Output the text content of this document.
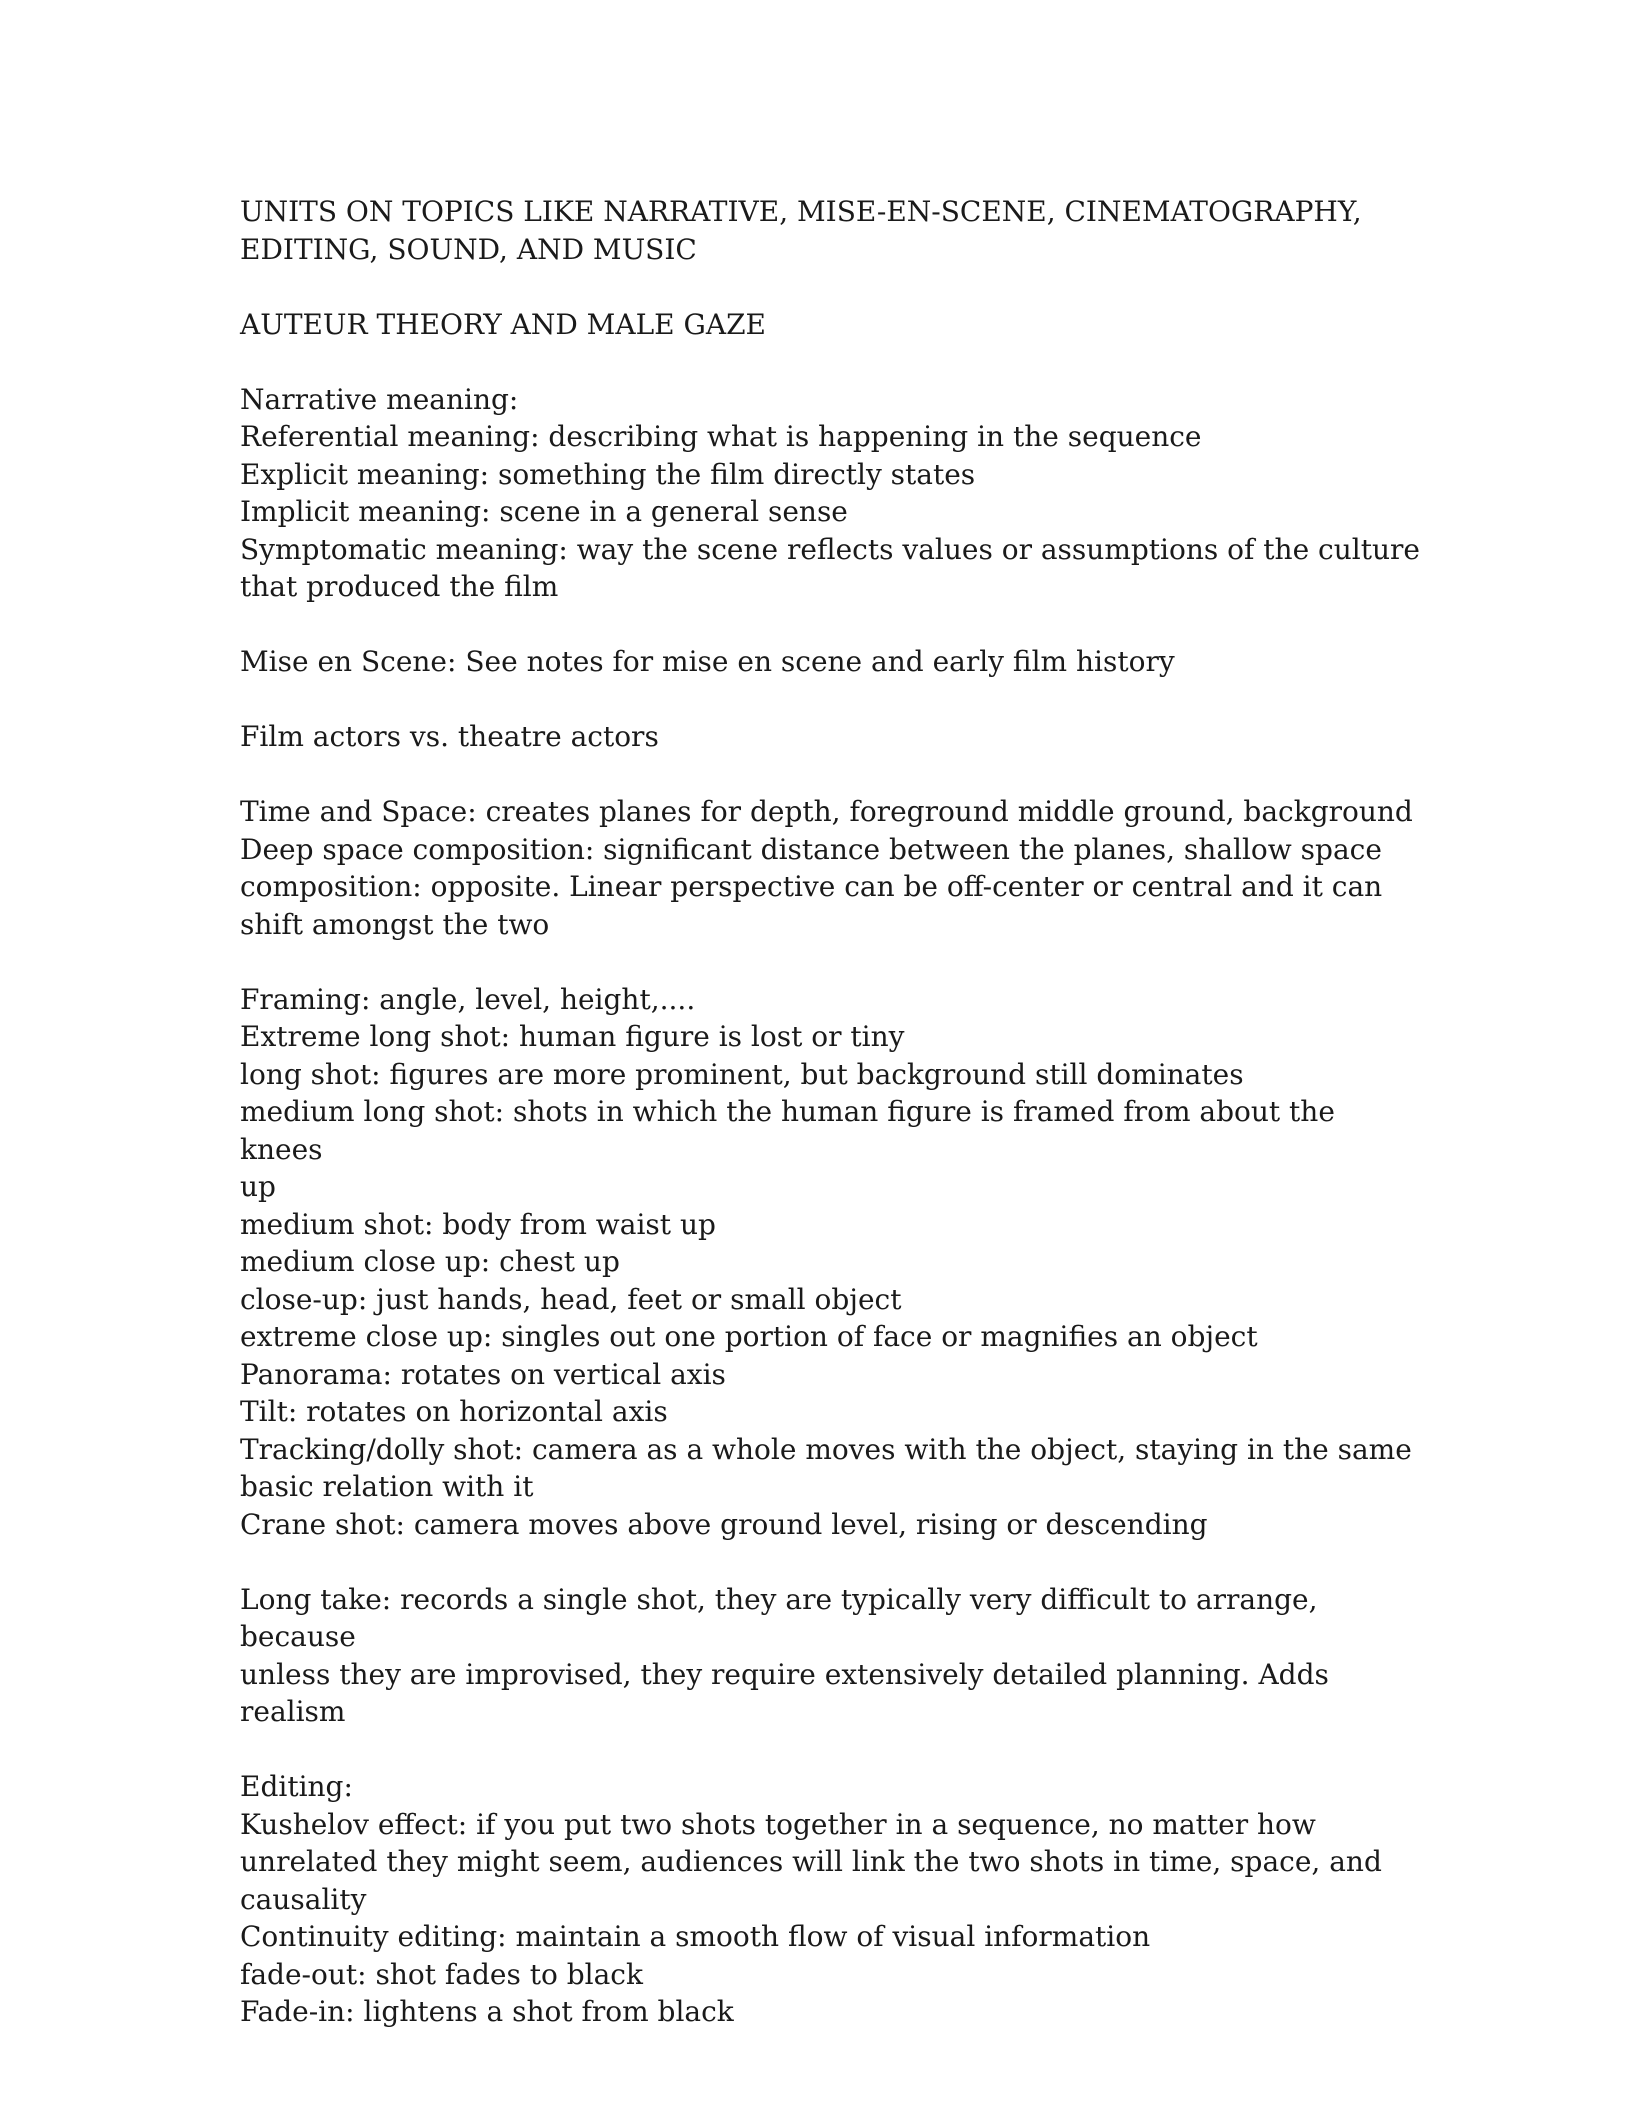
UNITS ON TOPICS LIKE NARRATIVE, MISE-EN-SCENE, CINEMATOGRAPHY,
EDITING, SOUND, AND MUSIC
AUTEUR THEORY AND MALE GAZE
Narrative meaning:
Referential meaning: describing what is happening in the sequence
Explicit meaning: something the film directly states
Implicit meaning: scene in a general sense
Symptomatic meaning: way the scene reflects values or assumptions of the culture
that produced the film
Mise en Scene: See notes for mise en scene and early film history
Film actors vs. theatre actors
Time and Space: creates planes for depth, foreground middle ground, background
Deep space composition: significant distance between the planes, shallow space
composition: opposite. Linear perspective can be off-center or central and it can
shift amongst the two
Framing: angle, level, height,....
Extreme long shot: human figure is lost or tiny
long shot: figures are more prominent, but background still dominates
medium long shot: shots in which the human figure is framed from about the knees
up
medium shot: body from waist up
medium close up: chest up
close-up: just hands, head, feet or small object
extreme close up: singles out one portion of face or magnifies an object
Panorama: rotates on vertical axis
Tilt: rotates on horizontal axis
Tracking/dolly shot: camera as a whole moves with the object, staying in the same
basic relation with it
Crane shot: camera moves above ground level, rising or descending
Long take: records a single shot, they are typically very difficult to arrange, because
unless they are improvised, they require extensively detailed planning. Adds realism
Editing:
Kushelov effect: if you put two shots together in a sequence, no matter how
unrelated they might seem, audiences will link the two shots in time, space, and
causality
Continuity editing: maintain a smooth flow of visual information
fade-out: shot fades to black
Fade-in: lightens a shot from black
